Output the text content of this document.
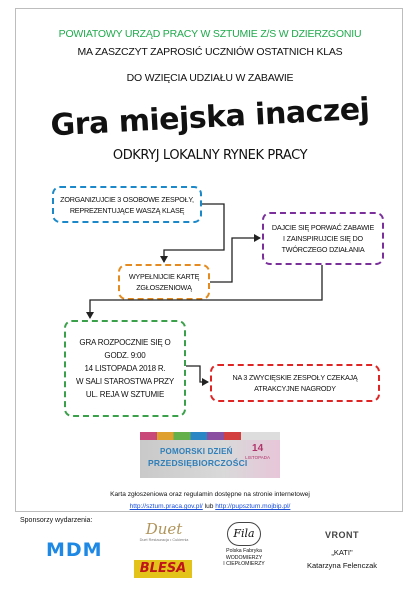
POWIATOWY URZĄD PRACY W SZTUMIE Z/S W DZIERZGONIU
MA ZASZCZYT ZAPROSIĆ UCZNIÓW OSTATNICH KLAS
DO WZIĘCIA UDZIAŁU W ZABAWIE
Gra miejska inaczej
ODKRYJ LOKALNY RYNEK PRACY
ZORGANIZUJCIE 3 OSOBOWE ZESPOŁY,
REPREZENTUJĄCE WASZĄ KLASĘ
WYPEŁNIJCIE KARTĘ
ZGŁOSZENIOWĄ
DAJCIE SIĘ PORWAĆ ZABAWIE
I ZAINSPIRUJCIE SIĘ DO
TWÓRCZEGO DZIAŁANIA
GRA ROZPOCZNIE SIĘ O
GODZ. 9:00
14 LISTOPADA 2018 R.
W SALI STAROSTWA PRZY
UL. REJA W SZTUMIE
NA 3 ZWYCIĘSKIE ZESPOŁY CZEKAJĄ
ATRAKCYJNE NAGRODY
POMORSKI DZIEŃ
PRZEDSIĘBIORCZOŚCI
14
LISTOPADA
Karta zgłoszeniowa oraz regulamin dostępne na stronie internetowej
http://sztum.praca.gov.pl/ lub http://pupsztum.mojbip.pl/
Sponsorzy wydarzenia:
MDM
Duet
Duet Restauracja • Cukiernia
BLESA
Fila
Polska Fabryka
WODOMIERZY
I CIEPŁOMIERZY
VRONT
„KATI"
Katarzyna Felenczak
